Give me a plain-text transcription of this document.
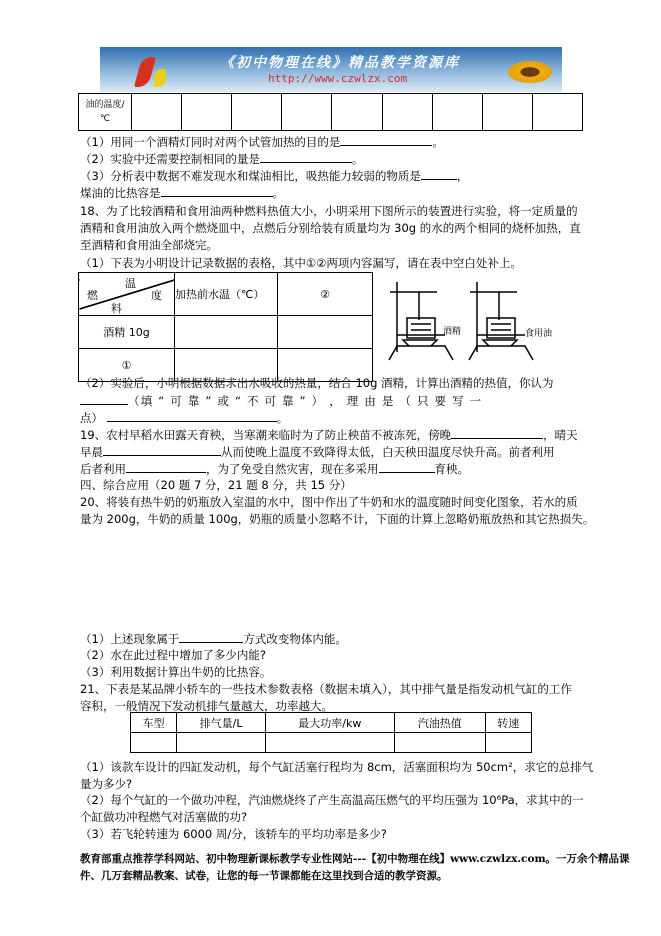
《初中物理在线》精品教学资源库
http://www.czwlzx.com
油的温度/
℃									
（1）用同一个酒精灯同时对两个试管加热的目的是	。
（2）实验中还需要控制相同的量是	。
（3）分析表中数据不难发现水和煤油相比，吸热能力较弱的物质是	，
煤油的比热容是	。
18、为了比较酒精和食用油两种燃料热值大小，小明采用下图所示的装置进行实验，将一定质量的
酒精和食用油放入两个燃烧皿中，点燃后分别给装有质量均为 30g 的水的两个相同的烧杯加热，直
至酒精和食用油全部烧完。
（1）下表为小明设计记录数据的表格，其中①②两项内容漏写，请在表中空白处补上。
温
度
燃
料	加热前水温（℃）	②
酒精 10g		
①		
酒精	食用油
（2）实验后，小明根据数据求出水吸收的热量，结合 10g 酒精，计算出酒精的热值，你认为
（填 “ 可 靠 ” 或 “ 不 可 靠 ” ） ， 理 由 是 （ 只 要 写 一
点）	。
19、农村早稻水田露天育秧，当寒潮来临时为了防止秧苗不被冻死，傍晚	，晴天
早晨	从而使晚上温度不致降得太低，白天秧田温度尽快升高。前者利用
后者利用	，为了免受自然灾害，现在多采用	育秧。
四、综合应用（20 题 7 分，21 题 8 分，共 15 分）
20、将装有热牛奶的奶瓶放入室温的水中，图中作出了牛奶和水的温度随时间变化图象，若水的质
量为 200g，牛奶的质量 100g，奶瓶的质量小忽略不计，下面的计算上忽略奶瓶放热和其它热损失。
（1）上述现象属于	方式改变物体内能。
（2）水在此过程中增加了多少内能?
（3）利用数据计算出牛奶的比热容。
21、下表是某品牌小轿车的一些技术参数表格（数据未填入），其中排气量是指发动机气缸的工作
容积，一般情况下发动机排气量越大，功率越大。
车型	排气量/L	最大功率/kw	汽油热值	转速

（1）该款车设计的四缸发动机，每个气缸活塞行程均为 8cm，活塞面积均为 50cm²，求它的总排气
量为多少?
（2）每个气缸的一个做功冲程，汽油燃烧终了产生高温高压燃气的平均压强为 10⁶Pa，求其中的一
个缸做功冲程燃气对活塞做的功?
（3）若飞轮转速为 6000 周/分，该轿车的平均功率是多少?
教育部重点推荐学科网站、初中物理新课标教学专业性网站---【初中物理在线】www.czwlzx.com。一万余个精品课
件、几万套精品教案、试卷，让您的每一节课都能在这里找到合适的教学资源。
